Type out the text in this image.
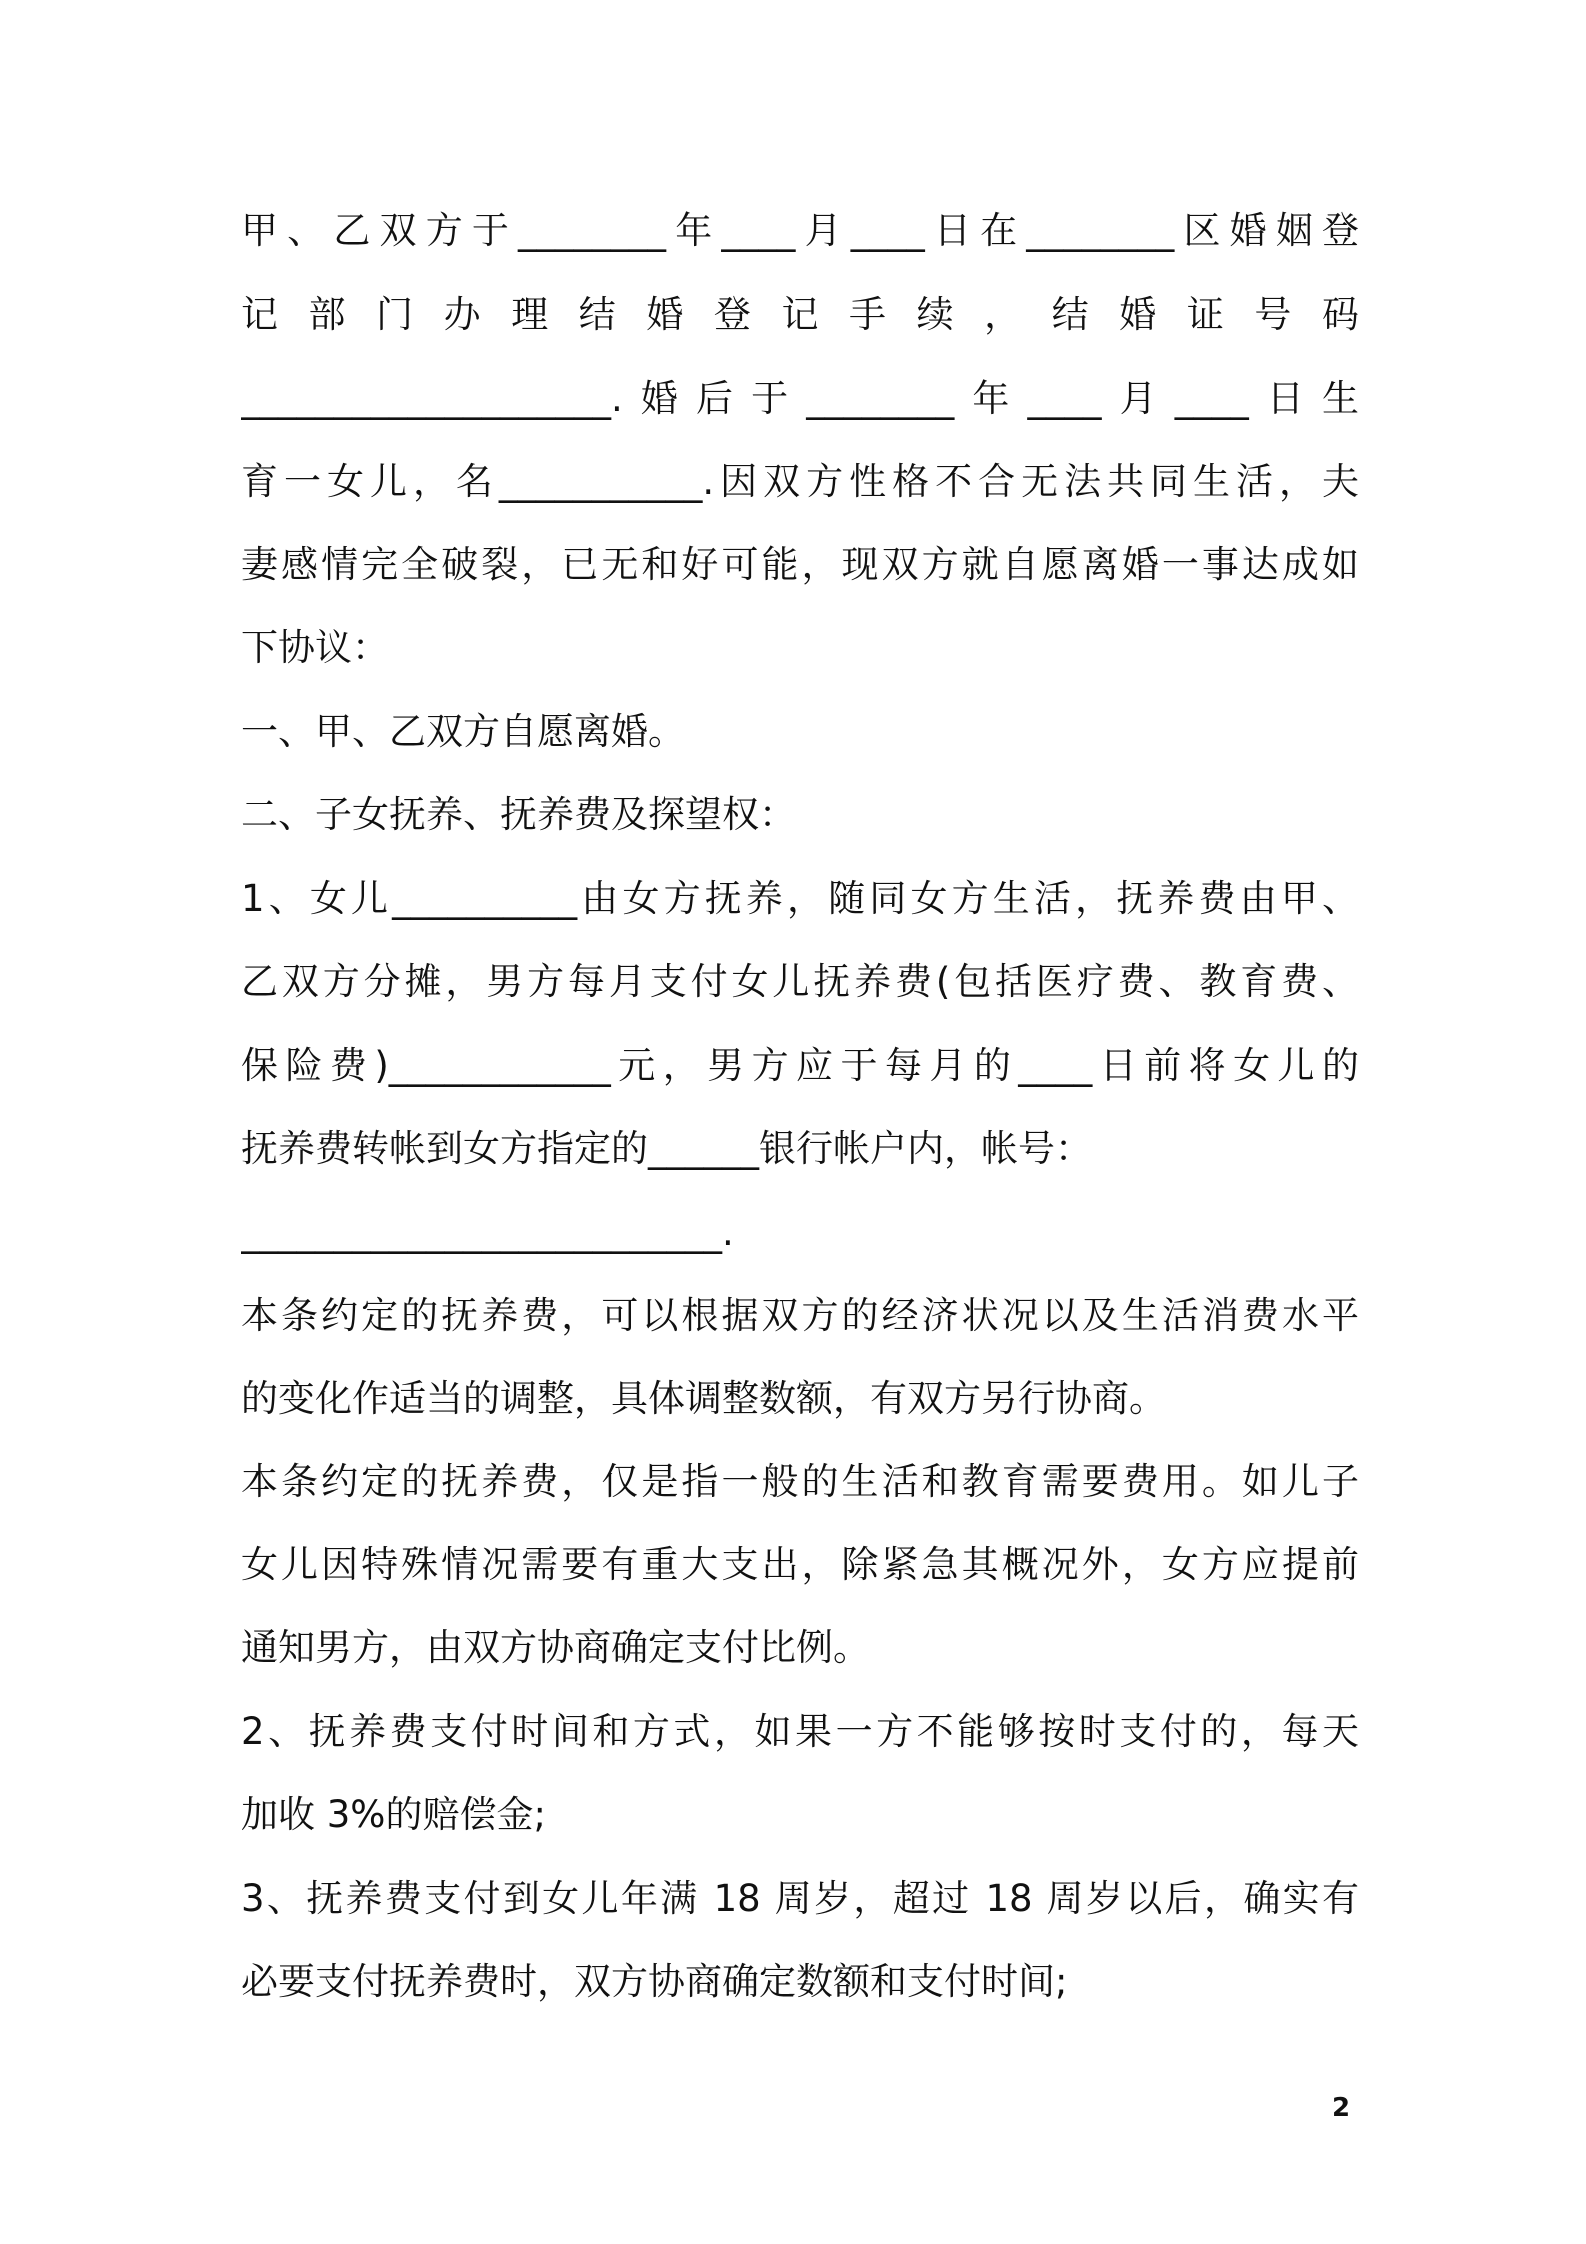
甲、乙双方于________年____月____日在________区婚姻登
记部门办理结婚登记手续，结婚证号码
____________________.婚后于________年____月____日生
育一女儿，名___________.因双方性格不合无法共同生活，夫
妻感情完全破裂，已无和好可能，现双方就自愿离婚一事达成如
下协议：
一、甲、乙双方自愿离婚。
二、子女抚养、抚养费及探望权：
1、女儿__________由女方抚养，随同女方生活，抚养费由甲、
乙双方分摊，男方每月支付女儿抚养费(包括医疗费、教育费、
保险费)____________元，男方应于每月的____日前将女儿的
抚养费转帐到女方指定的______银行帐户内，帐号：
__________________________.
本条约定的抚养费，可以根据双方的经济状况以及生活消费水平
的变化作适当的调整，具体调整数额，有双方另行协商。
本条约定的抚养费，仅是指一般的生活和教育需要费用。如儿子
女儿因特殊情况需要有重大支出，除紧急其概况外，女方应提前
通知男方，由双方协商确定支付比例。
2、抚养费支付时间和方式，如果一方不能够按时支付的，每天
加收 3%的赔偿金;
3、抚养费支付到女儿年满 18 周岁，超过 18 周岁以后，确实有
必要支付抚养费时，双方协商确定数额和支付时间;
2
